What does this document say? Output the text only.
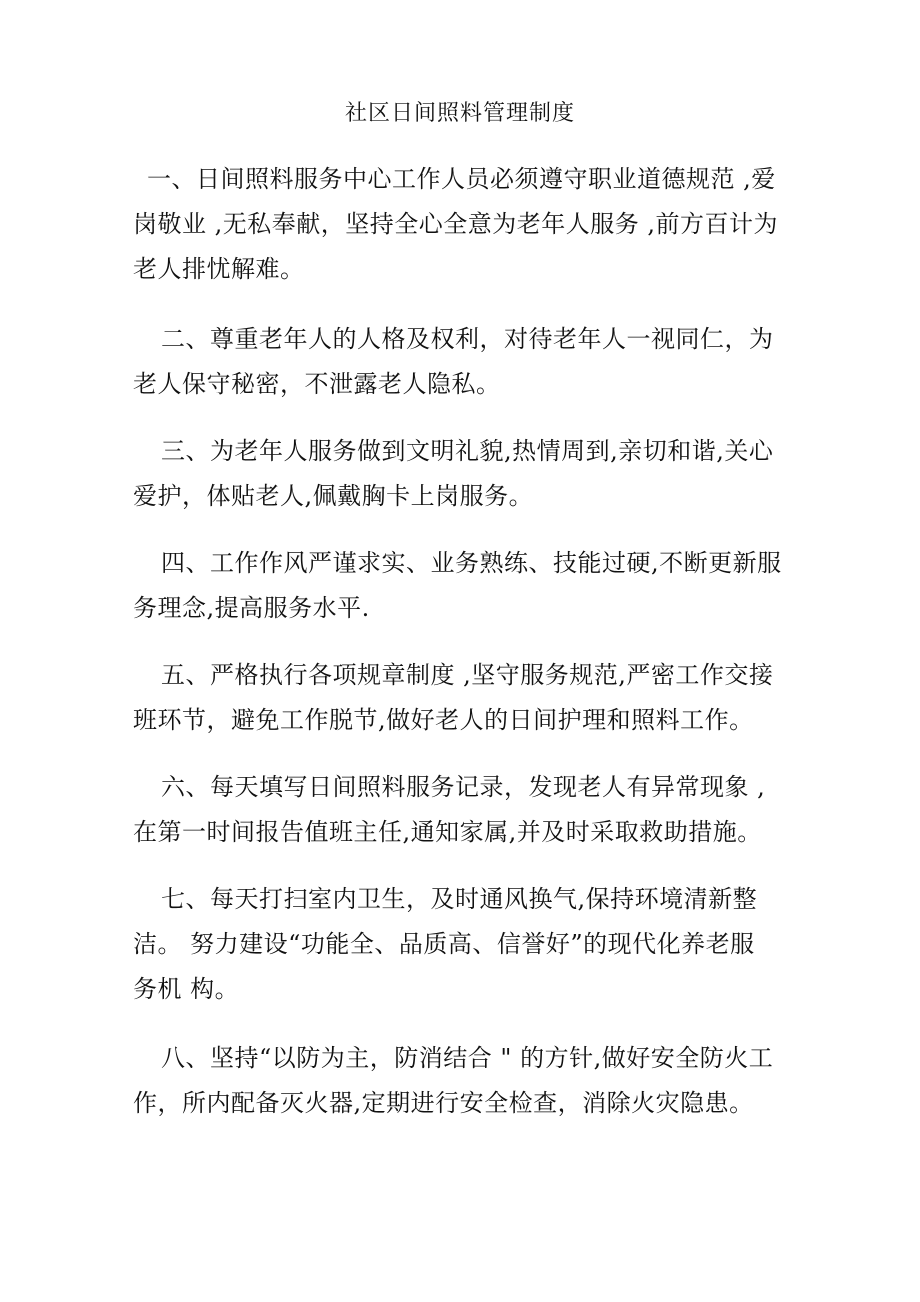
社区日间照料管理制度
一、日间照料服务中心工作人员必须遵守职业道德规范 ,爱
岗敬业 ,无私奉献，坚持全心全意为老年人服务 ,前方百计为
老人排忧解难。
二、尊重老年人的人格及权利，对待老年人一视同仁，为
老人保守秘密，不泄露老人隐私。
三、为老年人服务做到文明礼貌,热情周到,亲切和谐,关心
爱护，体贴老人,佩戴胸卡上岗服务。
四、工作作风严谨求实、业务熟练、技能过硬,不断更新服
务理念,提高服务水平.
五、严格执行各项规章制度 ,坚守服务规范,严密工作交接
班环节，避免工作脱节,做好老人的日间护理和照料工作。
六、每天填写日间照料服务记录，发现老人有异常现象 ,
在第一时间报告值班主任,通知家属,并及时采取救助措施。
七、每天打扫室内卫生，及时通风换气,保持环境清新整
洁。 努力建设“功能全、品质高、信誉好”的现代化养老服
务机 构。
八、坚持“以防为主，防消结合 " 的方针,做好安全防火工
作，所内配备灭火器,定期进行安全检查，消除火灾隐患。
